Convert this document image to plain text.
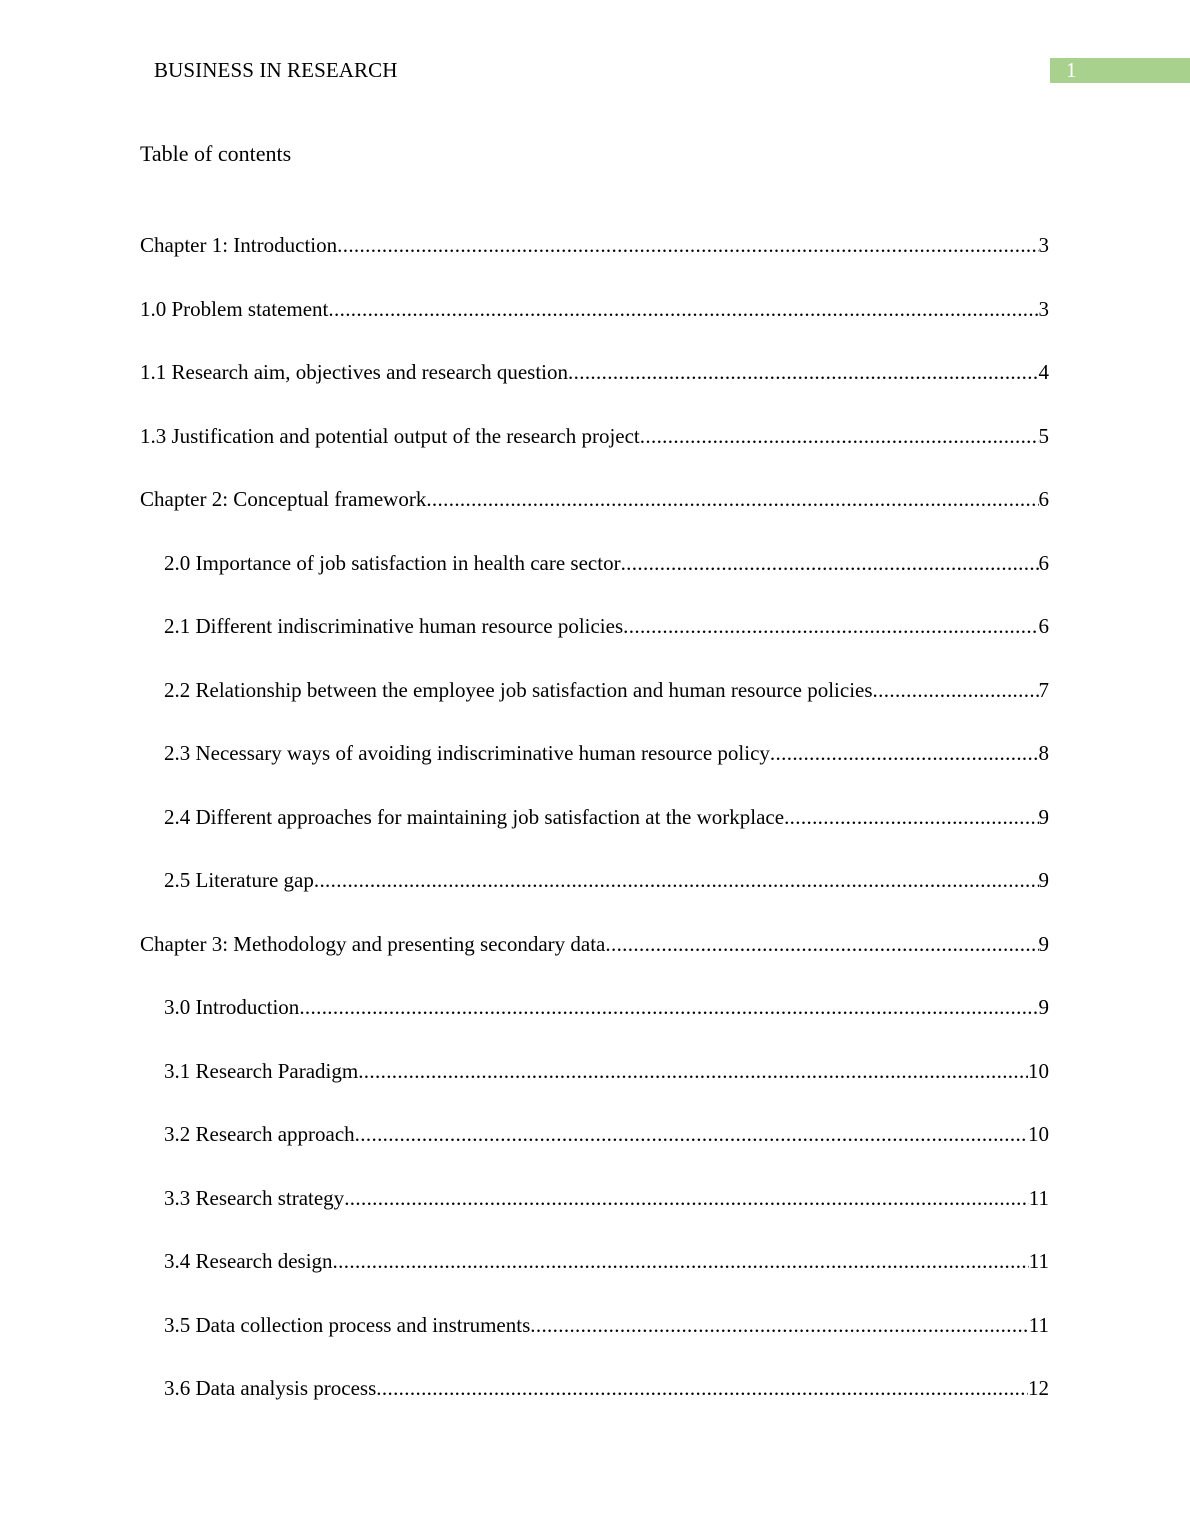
BUSINESS IN RESEARCH	1
Table of contents
Chapter 1: Introduction .....	3
1.0 Problem statement .....	3
1.1 Research aim, objectives and research question .....	4
1.3 Justification and potential output of the research project .....	5
Chapter 2: Conceptual framework .....	6
2.0 Importance of job satisfaction in health care sector .....	6
2.1 Different indiscriminative human resource policies .....	6
2.2 Relationship between the employee job satisfaction and human resource policies .....	7
2.3 Necessary ways of avoiding indiscriminative human resource policy .....	8
2.4 Different approaches for maintaining job satisfaction at the workplace .....	9
2.5 Literature gap .....	9
Chapter 3: Methodology and presenting secondary data .....	9
3.0 Introduction .....	9
3.1 Research Paradigm .....	10
3.2 Research approach .....	10
3.3 Research strategy .....	11
3.4 Research design .....	11
3.5 Data collection process and instruments .....	11
3.6 Data analysis process .....	12
